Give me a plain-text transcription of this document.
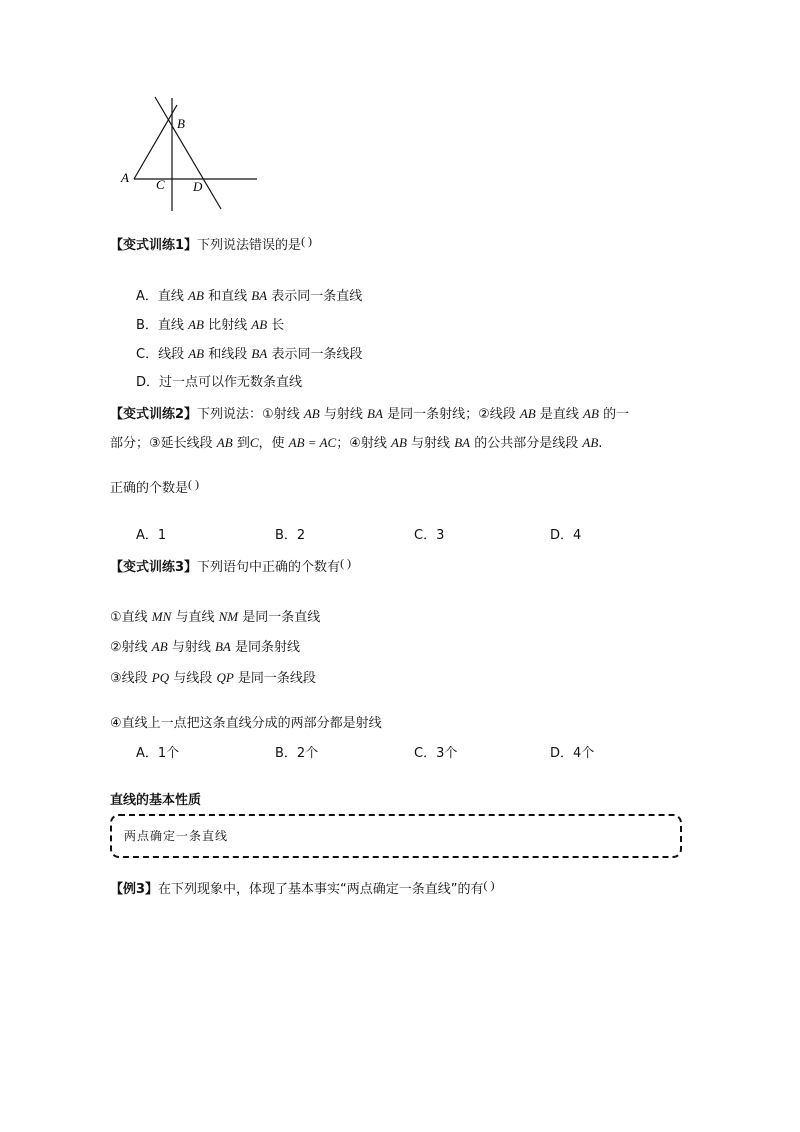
A
B
C D
【变式训练1】下列说法错误的是( )
A．直线 AB 和直线 BA 表示同一条直线
B．直线 AB 比射线 AB 长
C．线段 AB 和线段 BA 表示同一条线段
D．过一点可以作无数条直线
【变式训练2】下列说法：①射线 AB 与射线 BA 是同一条射线；②线段 AB 是直线 AB 的一
部分；③延长线段 AB 到C，使 AB = AC；④射线 AB 与射线 BA 的公共部分是线段 AB.
正确的个数是( )
A．1	B．2	C．3	D．4
【变式训练3】下列语句中正确的个数有( )
①直线 MN 与直线 NM 是同一条直线
②射线 AB 与射线 BA 是同条射线
③线段 PQ 与线段 QP 是同一条线段
④直线上一点把这条直线分成的两部分都是射线
A．1个	B．2个	C．3个	D．4个
直线的基本性质
两点确定一条直线
【例3】在下列现象中，体现了基本事实“两点确定一条直线”的有( )
